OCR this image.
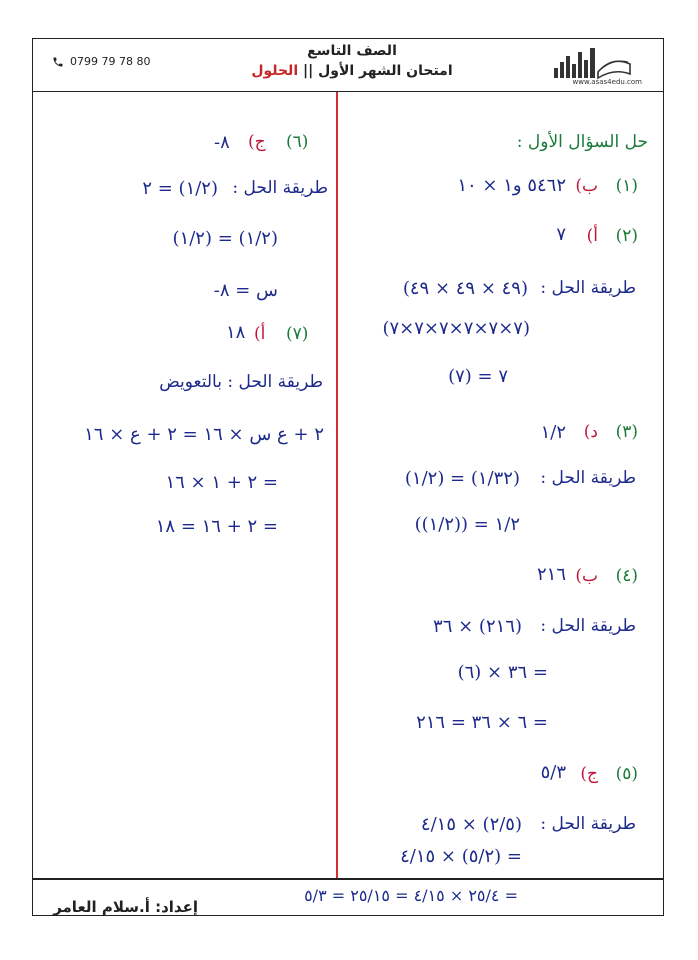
0799 79 78 80
الصف التاسع
امتحان الشهر الأول || الحلول
www.asas4edu.com
حل السؤال الأول :
(١)
ب)
٥٤٦٢ و١ × ١٠
(٢)
أ)
٧
طريقة الحل :
(٤٩ × ٤٩ × ٤٩)
(٧×٧×٧×٧×٧×٧)
٧ = (٧)
(٣)
د)
١/٢
طريقة الحل :
(١/٣٢) = (١/٢)
١/٢ = ((١/٢))
(٤)
ب)
٢١٦
طريقة الحل :
(٢١٦) × ٣٦
= ٣٦ × (٦)
= ٦ × ٣٦ = ٢١٦
(٥)
ج)
٥/٣
طريقة الحل :
(٢/٥) × ٤/١٥
= (٥/٢) × ٤/١٥
= ٢٥/٤ × ٤/١٥ = ٢٥/١٥ = ٥/٣
(٦)
ج)
٨-
طريقة الحل :
(١/٢) = ٢
(١/٢) = (١/٢)
س = ٨-
(٧)
أ)
١٨
طريقة الحل : بالتعويض
٢ + ع س × ١٦ = ٢ + ع × ١٦
= ٢ + ١ × ١٦
= ٢ + ١٦ = ١٨
إعداد: أ.سلام العامر
